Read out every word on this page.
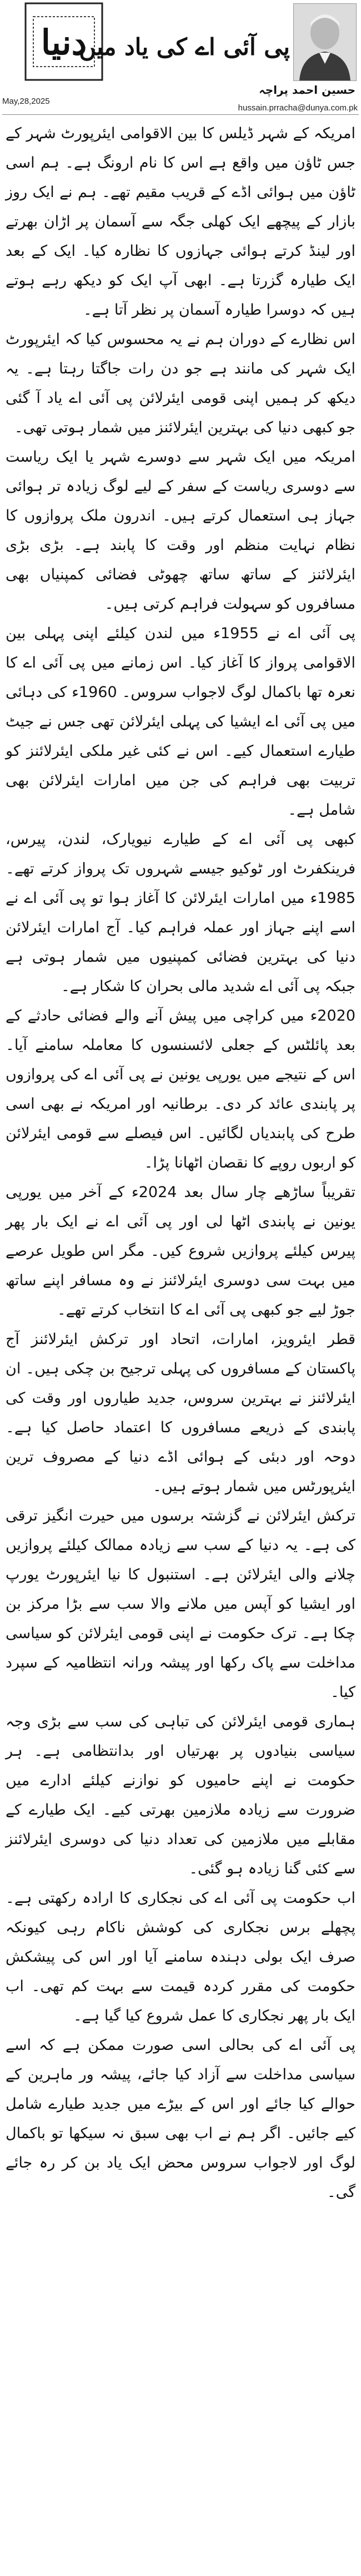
دنیا
پی آئی اے کی یاد میں
حسین احمد پراچہ
May,28,2025
hussain.prracha@dunya.com.pk

امریکہ کے شہر ڈیلس کا بین الاقوامی ایئرپورٹ شہر کے جس ٹاؤن میں واقع ہے اس کا نام ارونگ ہے۔ ہم اسی ٹاؤن میں ہوائی اڈے کے قریب مقیم تھے۔ ہم نے ایک روز بازار کے پیچھے ایک کھلی جگہ سے آسمان پر اڑان بھرتے اور لینڈ کرتے ہوائی جہازوں کا نظارہ کیا۔ ایک کے بعد ایک طیارہ گزرتا ہے۔ ابھی آپ ایک کو دیکھ رہے ہوتے ہیں کہ دوسرا طیارہ آسمان پر نظر آتا ہے۔

اس نظارے کے دوران ہم نے یہ محسوس کیا کہ ایئرپورٹ ایک شہر کی مانند ہے جو دن رات جاگتا رہتا ہے۔ یہ دیکھ کر ہمیں اپنی قومی ایئرلائن پی آئی اے یاد آ گئی جو کبھی دنیا کی بہترین ایئرلائنز میں شمار ہوتی تھی۔

امریکہ میں ایک شہر سے دوسرے شہر یا ایک ریاست سے دوسری ریاست کے سفر کے لیے لوگ زیادہ تر ہوائی جہاز ہی استعمال کرتے ہیں۔ اندرون ملک پروازوں کا نظام نہایت منظم اور وقت کا پابند ہے۔ بڑی بڑی ایئرلائنز کے ساتھ ساتھ چھوٹی فضائی کمپنیاں بھی مسافروں کو سہولت فراہم کرتی ہیں۔

پی آئی اے نے 1955ء میں لندن کیلئے اپنی پہلی بین الاقوامی پرواز کا آغاز کیا۔ اس زمانے میں پی آئی اے کا نعرہ تھا باکمال لوگ لاجواب سروس۔ 1960ء کی دہائی میں پی آئی اے ایشیا کی پہلی ایئرلائن تھی جس نے جیٹ طیارے استعمال کیے۔ اس نے کئی غیر ملکی ایئرلائنز کو تربیت بھی فراہم کی جن میں امارات ایئرلائن بھی شامل ہے۔

کبھی پی آئی اے کے طیارے نیویارک، لندن، پیرس، فرینکفرٹ اور ٹوکیو جیسے شہروں تک پرواز کرتے تھے۔ 1985ء میں امارات ایئرلائن کا آغاز ہوا تو پی آئی اے نے اسے اپنے جہاز اور عملہ فراہم کیا۔ آج امارات ایئرلائن دنیا کی بہترین فضائی کمپنیوں میں شمار ہوتی ہے جبکہ پی آئی اے شدید مالی بحران کا شکار ہے۔

2020ء میں کراچی میں پیش آنے والے فضائی حادثے کے بعد پائلٹس کے جعلی لائسنسوں کا معاملہ سامنے آیا۔ اس کے نتیجے میں یورپی یونین نے پی آئی اے کی پروازوں پر پابندی عائد کر دی۔ برطانیہ اور امریکہ نے بھی اسی طرح کی پابندیاں لگائیں۔ اس فیصلے سے قومی ایئرلائن کو اربوں روپے کا نقصان اٹھانا پڑا۔

تقریباً ساڑھے چار سال بعد 2024ء کے آخر میں یورپی یونین نے پابندی اٹھا لی اور پی آئی اے نے ایک بار پھر پیرس کیلئے پروازیں شروع کیں۔ مگر اس طویل عرصے میں بہت سی دوسری ایئرلائنز نے وہ مسافر اپنے ساتھ جوڑ لیے جو کبھی پی آئی اے کا انتخاب کرتے تھے۔

قطر ایئرویز، امارات، اتحاد اور ترکش ایئرلائنز آج پاکستان کے مسافروں کی پہلی ترجیح بن چکی ہیں۔ ان ایئرلائنز نے بہترین سروس، جدید طیاروں اور وقت کی پابندی کے ذریعے مسافروں کا اعتماد حاصل کیا ہے۔ دوحہ اور دبئی کے ہوائی اڈے دنیا کے مصروف ترین ایئرپورٹس میں شمار ہوتے ہیں۔

ترکش ایئرلائن نے گزشتہ برسوں میں حیرت انگیز ترقی کی ہے۔ یہ دنیا کے سب سے زیادہ ممالک کیلئے پروازیں چلانے والی ایئرلائن ہے۔ استنبول کا نیا ایئرپورٹ یورپ اور ایشیا کو آپس میں ملانے والا سب سے بڑا مرکز بن چکا ہے۔ ترک حکومت نے اپنی قومی ایئرلائن کو سیاسی مداخلت سے پاک رکھا اور پیشہ ورانہ انتظامیہ کے سپرد کیا۔

ہماری قومی ایئرلائن کی تباہی کی سب سے بڑی وجہ سیاسی بنیادوں پر بھرتیاں اور بدانتظامی ہے۔ ہر حکومت نے اپنے حامیوں کو نوازنے کیلئے ادارے میں ضرورت سے زیادہ ملازمین بھرتی کیے۔ ایک طیارے کے مقابلے میں ملازمین کی تعداد دنیا کی دوسری ایئرلائنز سے کئی گنا زیادہ ہو گئی۔

اب حکومت پی آئی اے کی نجکاری کا ارادہ رکھتی ہے۔ پچھلے برس نجکاری کی کوشش ناکام رہی کیونکہ صرف ایک بولی دہندہ سامنے آیا اور اس کی پیشکش حکومت کی مقرر کردہ قیمت سے بہت کم تھی۔ اب ایک بار پھر نجکاری کا عمل شروع کیا گیا ہے۔

پی آئی اے کی بحالی اسی صورت ممکن ہے کہ اسے سیاسی مداخلت سے آزاد کیا جائے، پیشہ ور ماہرین کے حوالے کیا جائے اور اس کے بیڑے میں جدید طیارے شامل کیے جائیں۔ اگر ہم نے اب بھی سبق نہ سیکھا تو باکمال لوگ اور لاجواب سروس محض ایک یاد بن کر رہ جائے گی۔
